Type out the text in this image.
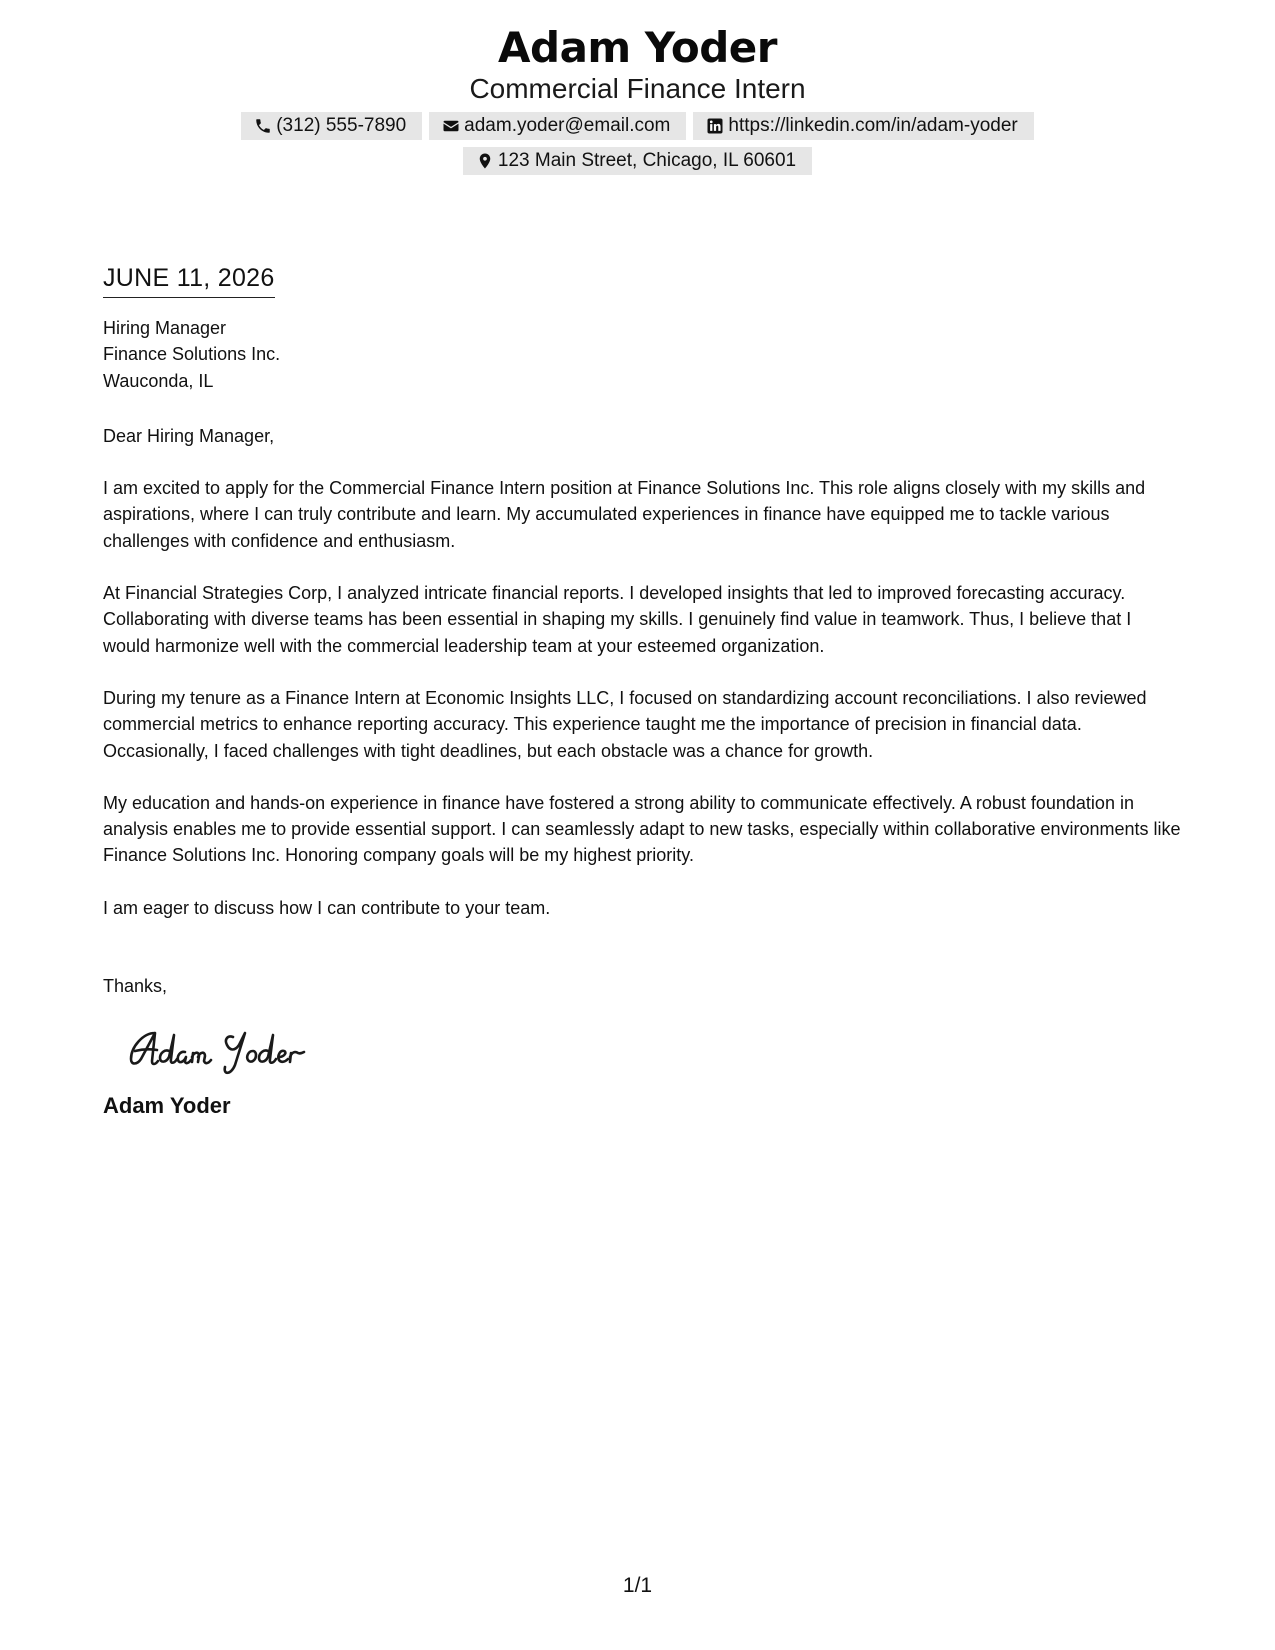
Adam Yoder
Commercial Finance Intern
(312) 555-7890	adam.yoder@email.com	https://linkedin.com/in/adam-yoder
123 Main Street, Chicago, IL 60601
JUNE 11, 2026
Hiring Manager
Finance Solutions Inc.
Wauconda, IL
Dear Hiring Manager,
I am excited to apply for the Commercial Finance Intern position at Finance Solutions Inc. This role aligns closely with my skills and aspirations, where I can truly contribute and learn. My accumulated experiences in finance have equipped me to tackle various challenges with confidence and enthusiasm.
At Financial Strategies Corp, I analyzed intricate financial reports. I developed insights that led to improved forecasting accuracy. Collaborating with diverse teams has been essential in shaping my skills. I genuinely find value in teamwork. Thus, I believe that I would harmonize well with the commercial leadership team at your esteemed organization.
During my tenure as a Finance Intern at Economic Insights LLC, I focused on standardizing account reconciliations. I also reviewed commercial metrics to enhance reporting accuracy. This experience taught me the importance of precision in financial data. Occasionally, I faced challenges with tight deadlines, but each obstacle was a chance for growth.
My education and hands-on experience in finance have fostered a strong ability to communicate effectively. A robust foundation in analysis enables me to provide essential support. I can seamlessly adapt to new tasks, especially within collaborative environments like Finance Solutions Inc. Honoring company goals will be my highest priority.
I am eager to discuss how I can contribute to your team.
Thanks,
Adam Yoder
1/1
